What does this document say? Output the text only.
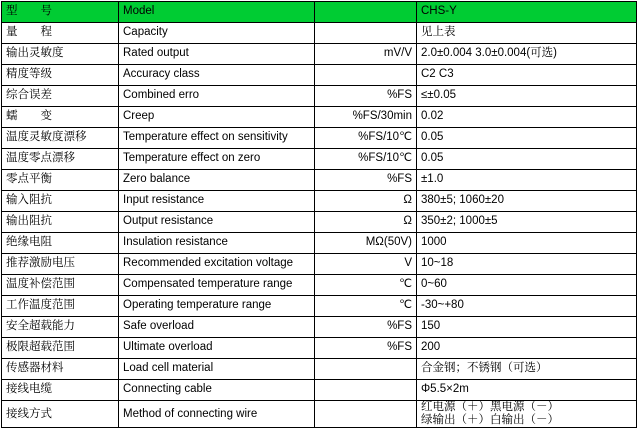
型　　号	Model		CHS-Y
量　　程	Capacity		见上表
输出灵敏度	Rated output	mV/V	2.0±0.004 3.0±0.004(可选)
精度等级	Accuracy class		C2 C3
综合误差	Combined erro	%FS	≤±0.05
蠕　　变	Creep	%FS/30min	0.02
温度灵敏度漂移	Temperature effect on sensitivity	%FS/10℃	0.05
温度零点漂移	Temperature effect on zero	%FS/10℃	0.05
零点平衡	Zero balance	%FS	±1.0
输入阻抗	Input resistance	Ω	380±5; 1060±20
输出阻抗	Output resistance	Ω	350±2; 1000±5
绝缘电阻	Insulation resistance	MΩ(50V)	1000
推荐激励电压	Recommended excitation voltage	V	10~18
温度补偿范围	Compensated temperature range	℃	0~60
工作温度范围	Operating temperature range	℃	-30~+80
安全超载能力	Safe overload	%FS	150
极限超载范围	Ultimate overload	%FS	200
传感器材料	Load cell material		合金钢；不锈钢（可选）
接线电缆	Connecting cable		Φ5.5×2m
接线方式	Method of connecting wire		红电源（＋）黑电源（－）
绿输出（＋）白输出（－）
